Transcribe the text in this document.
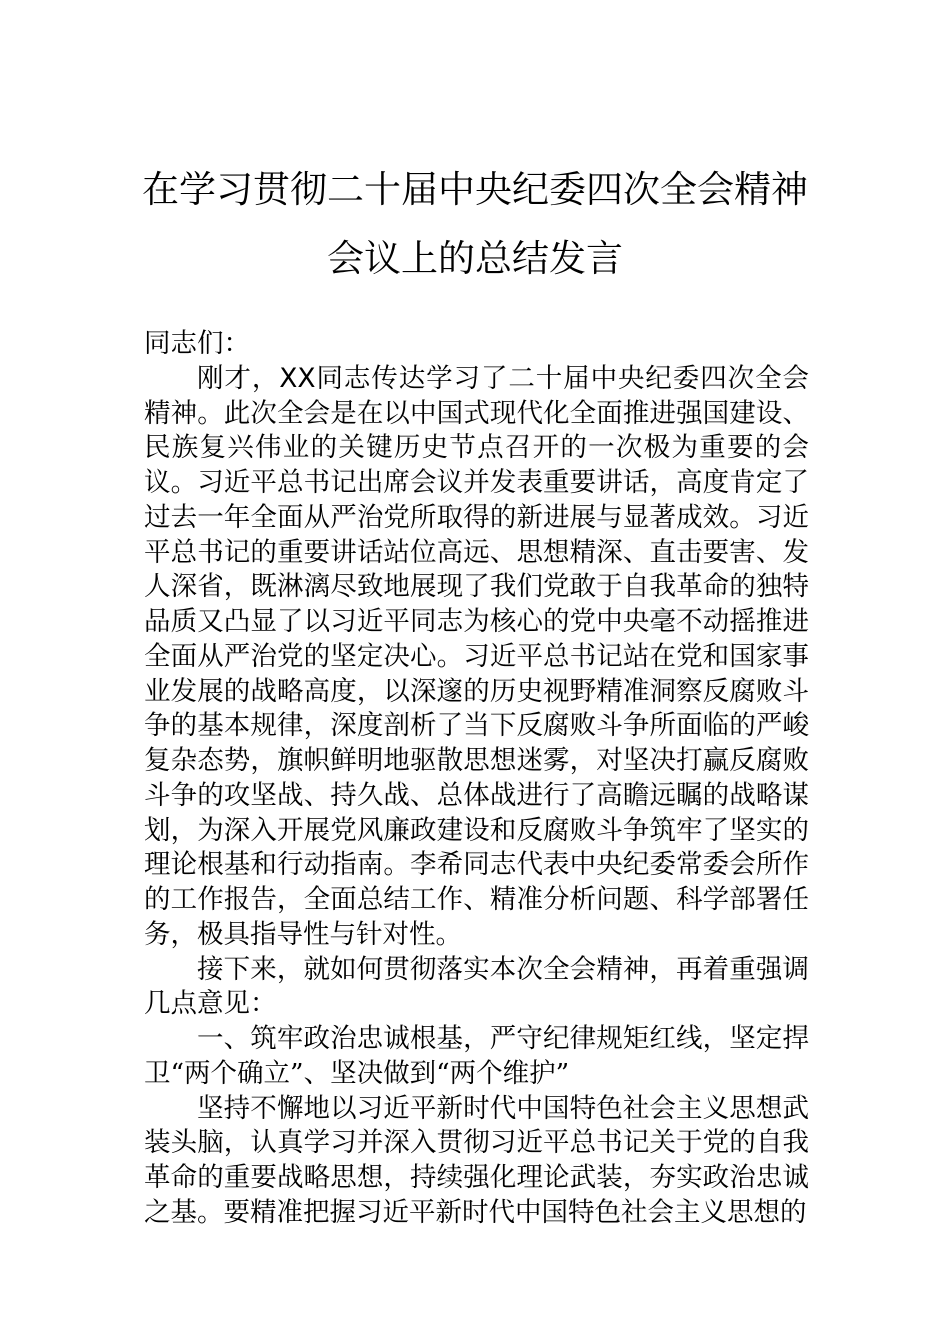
在学习贯彻二十届中央纪委四次全会精神
会议上的总结发言

同志们：

刚才，XX同志传达学习了二十届中央纪委四次全会精神。此次全会是在以中国式现代化全面推进强国建设、民族复兴伟业的关键历史节点召开的一次极为重要的会议。习近平总书记出席会议并发表重要讲话，高度肯定了过去一年全面从严治党所取得的新进展与显著成效。习近平总书记的重要讲话站位高远、思想精深、直击要害、发人深省，既淋漓尽致地展现了我们党敢于自我革命的独特品质又凸显了以习近平同志为核心的党中央毫不动摇推进全面从严治党的坚定决心。习近平总书记站在党和国家事业发展的战略高度，以深邃的历史视野精准洞察反腐败斗争的基本规律，深度剖析了当下反腐败斗争所面临的严峻复杂态势，旗帜鲜明地驱散思想迷雾，对坚决打赢反腐败斗争的攻坚战、持久战、总体战进行了高瞻远瞩的战略谋划，为深入开展党风廉政建设和反腐败斗争筑牢了坚实的理论根基和行动指南。李希同志代表中央纪委常委会所作的工作报告，全面总结工作、精准分析问题、科学部署任务，极具指导性与针对性。

接下来，就如何贯彻落实本次全会精神，再着重强调几点意见：

一、筑牢政治忠诚根基，严守纪律规矩红线，坚定捍卫“两个确立”、坚决做到“两个维护”

坚持不懈地以习近平新时代中国特色社会主义思想武装头脑，认真学习并深入贯彻习近平总书记关于党的自我革命的重要战略思想，持续强化理论武装，夯实政治忠诚之基。要精准把握习近平新时代中国特色社会主义思想的
